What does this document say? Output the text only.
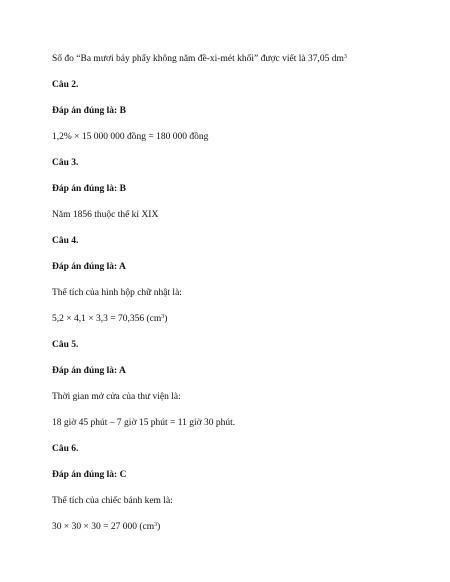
Số đo “Ba mươi bảy phẩy không năm đề-xi-mét khối” được viết là 37,05 $dm^3$
Câu 2.
Đáp án đúng là: B
1,2% × 15 000 000 đồng = 180 000 đồng
Câu 3.
Đáp án đúng là: B
Năm 1856 thuộc thế kỉ XIX
Câu 4.
Đáp án đúng là: A
Thể tích của hình hộp chữ nhật là:
5,2 × 4,1 × 3,3 = 70,356 $(cm^3)$
Câu 5.
Đáp án đúng là: A
Thời gian mở cửa của thư viện là:
18 giờ 45 phút – 7 giờ 15 phút = 11 giờ 30 phút.
Câu 6.
Đáp án đúng là: C
Thể tích của chiếc bánh kem là:
30 × 30 × 30 = 27 000 $(cm^3)$
